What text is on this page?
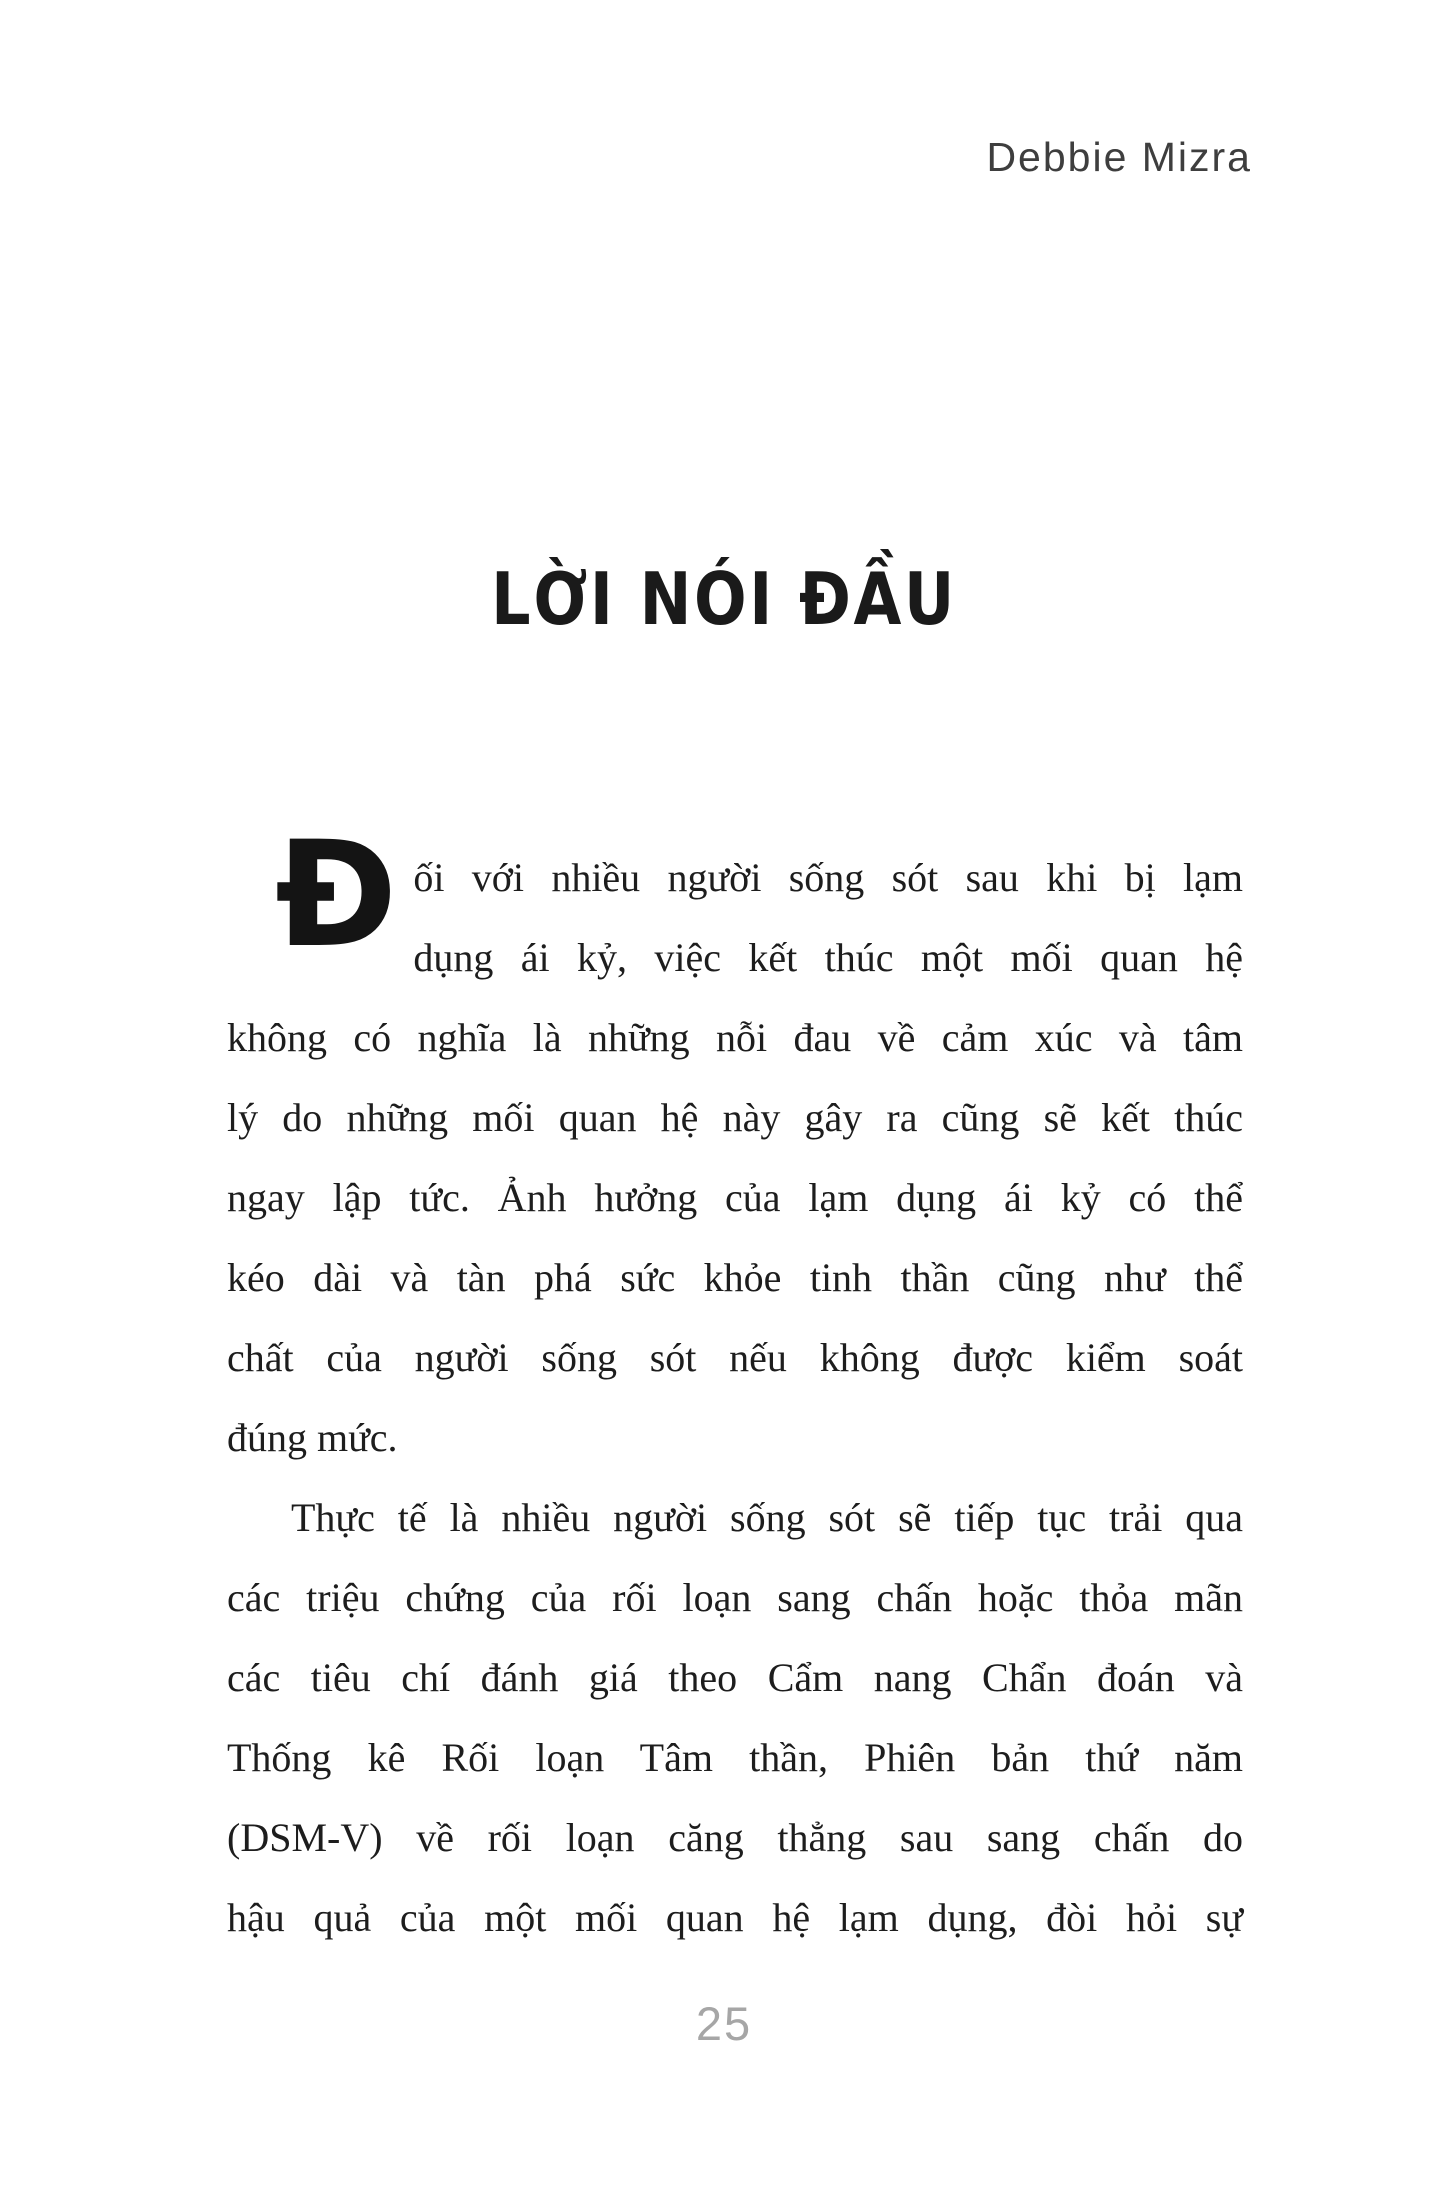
Debbie Mizra
LỜI NÓI ĐẦU
Đ ối với nhiều người sống sót sau khi bị lạm
dụng ái kỷ, việc kết thúc một mối quan hệ
không có nghĩa là những nỗi đau về cảm xúc và tâm
lý do những mối quan hệ này gây ra cũng sẽ kết thúc
ngay lập tức. Ảnh hưởng của lạm dụng ái kỷ có thể
kéo dài và tàn phá sức khỏe tinh thần cũng như thể
chất của người sống sót nếu không được kiểm soát
đúng mức.
Thực tế là nhiều người sống sót sẽ tiếp tục trải qua
các triệu chứng của rối loạn sang chấn hoặc thỏa mãn
các tiêu chí đánh giá theo Cẩm nang Chẩn đoán và
Thống kê Rối loạn Tâm thần, Phiên bản thứ năm
(DSM-V) về rối loạn căng thẳng sau sang chấn do
hậu quả của một mối quan hệ lạm dụng, đòi hỏi sự
25
